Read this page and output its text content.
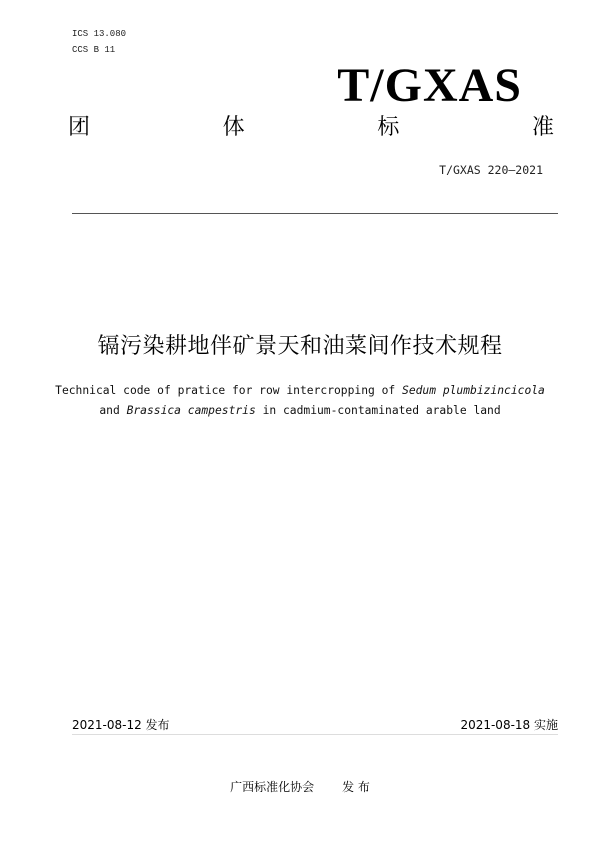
ICS 13.080
CCS B 11
T/GXAS
团	体	标	准
T/GXAS 220—2021
镉污染耕地伴矿景天和油菜间作技术规程
Technical code of pratice for row intercropping of Sedum plumbizincicola
and Brassica campestris in cadmium-contaminated arable land
2021-08-12 发布	2021-08-18 实施
广西标准化协会 发 布
